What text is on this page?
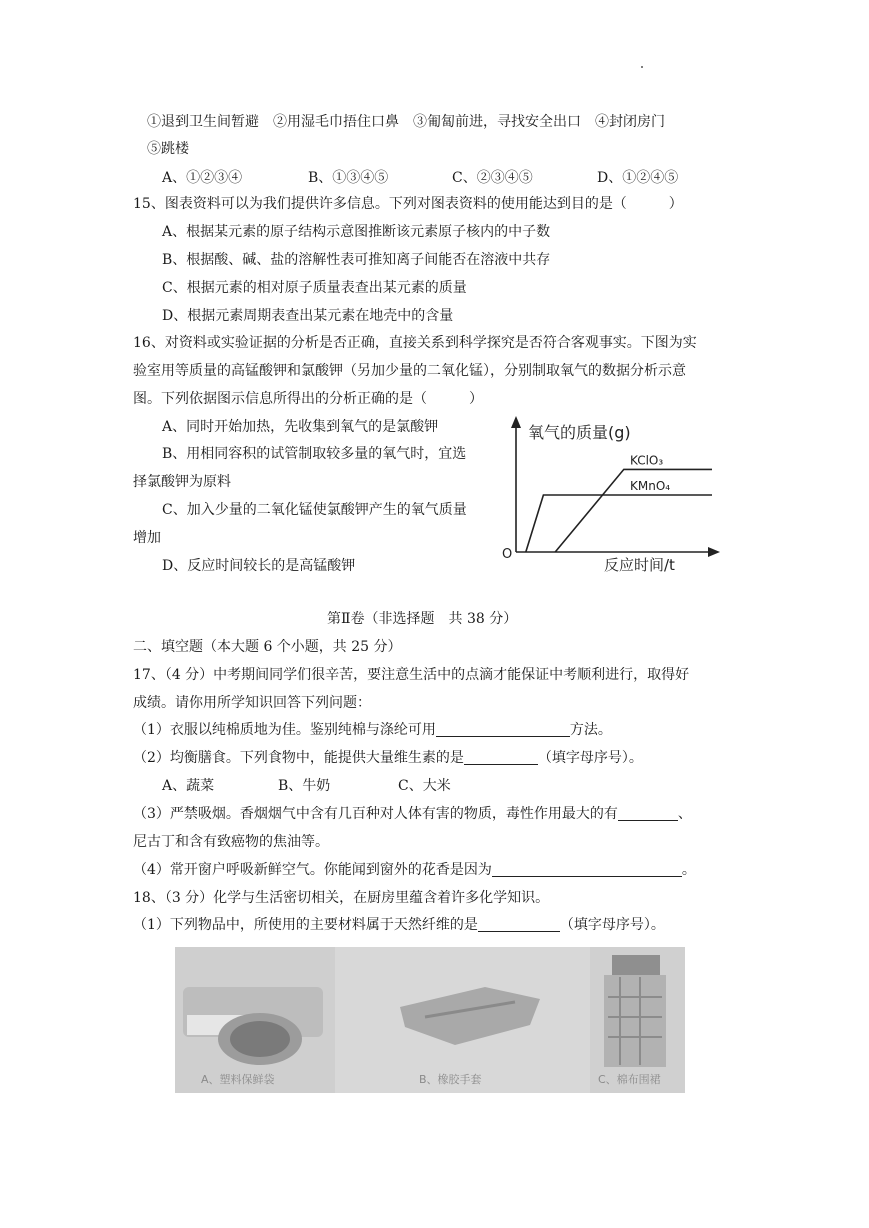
①退到卫生间暂避　②用湿毛巾捂住口鼻　③匍匐前进，寻找安全出口　④封闭房门
⑤跳楼
A、①②③④	B、①③④⑤	C、②③④⑤	D、①②④⑤
15、图表资料可以为我们提供许多信息。下列对图表资料的使用能达到目的是（　　　）
A、根据某元素的原子结构示意图推断该元素原子核内的中子数
B、根据酸、碱、盐的溶解性表可推知离子间能否在溶液中共存
C、根据元素的相对原子质量表查出某元素的质量
D、根据元素周期表查出某元素在地壳中的含量
16、对资料或实验证据的分析是否正确，直接关系到科学探究是否符合客观事实。下图为实
验室用等质量的高锰酸钾和氯酸钾（另加少量的二氧化锰），分别制取氧气的数据分析示意
图。下列依据图示信息所得出的分析正确的是（　　　）
A、同时开始加热，先收集到氧气的是氯酸钾
B、用相同容积的试管制取较多量的氧气时，宜选
择氯酸钾为原料
C、加入少量的二氧化锰使氯酸钾产生的氧气质量
增加
D、反应时间较长的是高锰酸钾
氧气的质量(g)
反应时间/t
O
KClO₃
KMnO₄
第Ⅱ卷（非选择题　共 38 分）
二、填空题（本大题 6 个小题，共 25 分）
17、（4 分）中考期间同学们很辛苦，要注意生活中的点滴才能保证中考顺利进行，取得好
成绩。请你用所学知识回答下列问题：
（1）衣服以纯棉质地为佳。鉴别纯棉与涤纶可用	方法。
（2）均衡膳食。下列食物中，能提供大量维生素的是	（填字母序号）。
A、蔬菜	B、牛奶	C、大米
（3）严禁吸烟。香烟烟气中含有几百种对人体有害的物质，毒性作用最大的有	、
尼古丁和含有致癌物的焦油等。
（4）常开窗户呼吸新鲜空气。你能闻到窗外的花香是因为	。
18、（3 分）化学与生活密切相关，在厨房里蕴含着许多化学知识。
（1）下列物品中，所使用的主要材料属于天然纤维的是	（填字母序号）。
A、塑料保鲜袋	B、橡胶手套	C、棉布围裙
